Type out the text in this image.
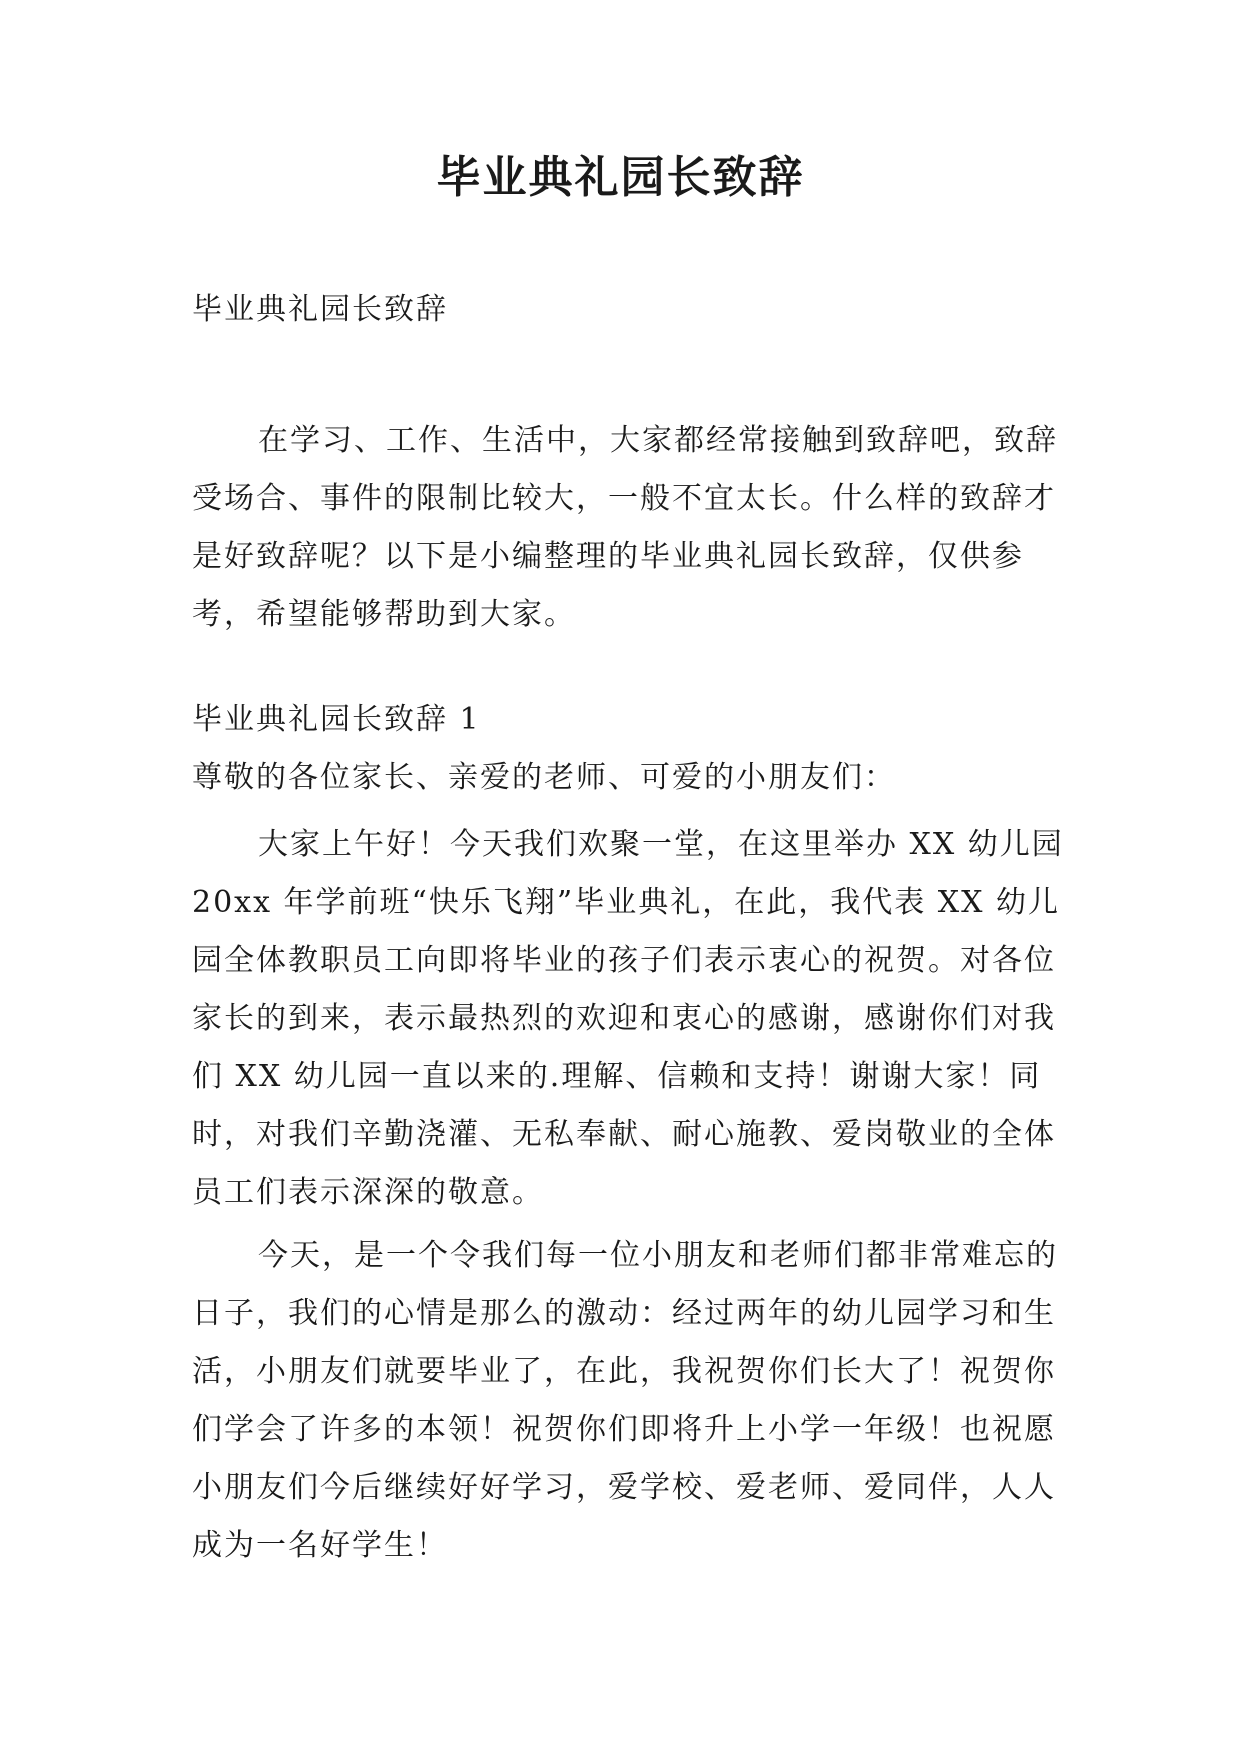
毕业典礼园长致辞

毕业典礼园长致辞

在学习、工作、生活中，大家都经常接触到致辞吧，致辞受场合、事件的限制比较大，一般不宜太长。什么样的致辞才是好致辞呢？以下是小编整理的毕业典礼园长致辞，仅供参考，希望能够帮助到大家。

毕业典礼园长致辞 1

尊敬的各位家长、亲爱的老师、可爱的小朋友们：

大家上午好！今天我们欢聚一堂，在这里举办 XX 幼儿园 20xx 年学前班“快乐飞翔”毕业典礼，在此，我代表 XX 幼儿园全体教职员工向即将毕业的孩子们表示衷心的祝贺。对各位家长的到来，表示最热烈的欢迎和衷心的感谢，感谢你们对我们 XX 幼儿园一直以来的.理解、信赖和支持！谢谢大家！同时，对我们辛勤浇灌、无私奉献、耐心施教、爱岗敬业的全体员工们表示深深的敬意。

今天，是一个令我们每一位小朋友和老师们都非常难忘的日子，我们的心情是那么的激动：经过两年的幼儿园学习和生活，小朋友们就要毕业了，在此，我祝贺你们长大了！祝贺你们学会了许多的本领！祝贺你们即将升上小学一年级！也祝愿小朋友们今后继续好好学习，爱学校、爱老师、爱同伴，人人成为一名好学生！
